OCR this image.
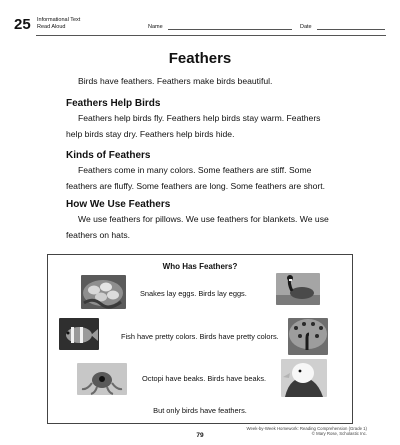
25 Informational Text
Read Aloud	Name	Date
Feathers
Birds have feathers. Feathers make birds beautiful.
Feathers Help Birds
Feathers help birds fly. Feathers help birds stay warm. Feathers
help birds stay dry. Feathers help birds hide.
Kinds of Feathers
Feathers come in many colors. Some feathers are stiff. Some
feathers are fluffy. Some feathers are long. Some feathers are short.
How We Use Feathers
We use feathers for pillows. We use feathers for blankets. We use
feathers on hats.
Who Has Feathers?
Snakes lay eggs. Birds lay eggs.
Fish have pretty colors. Birds have pretty colors.
Octopi have beaks. Birds have beaks.
But only birds have feathers.
Week-by-Week Homework: Reading Comprehension (Grade 1)
© Mary Rose, Scholastic Inc.
79
